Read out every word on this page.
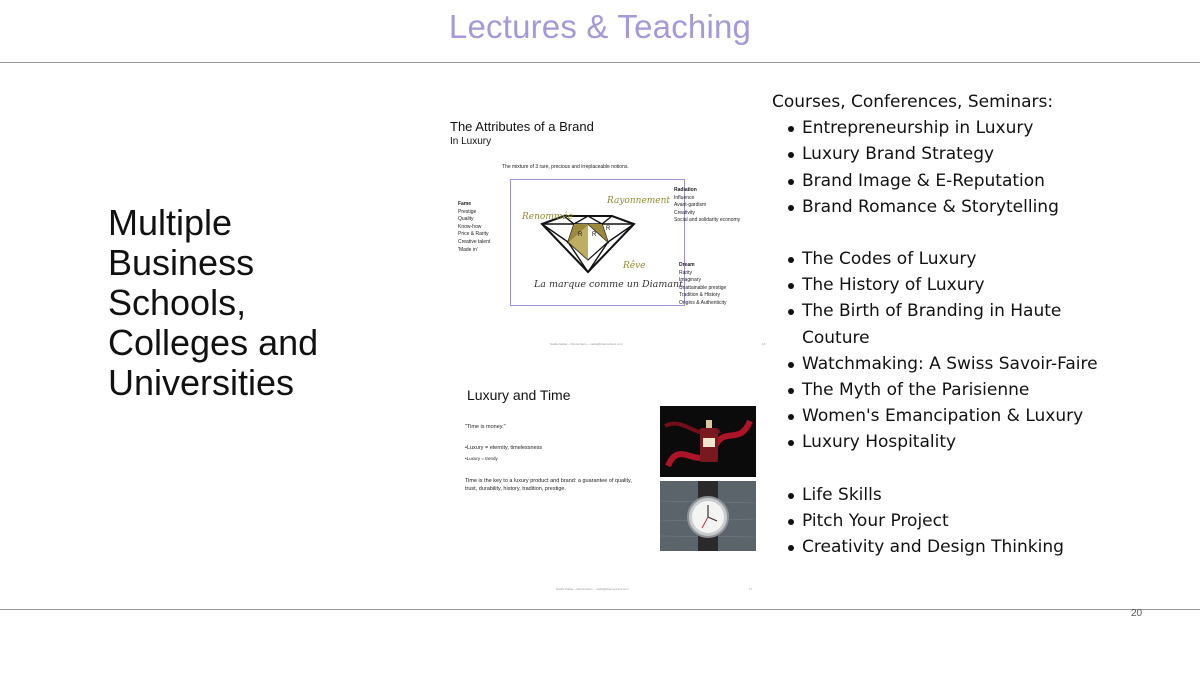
Lectures & Teaching
Multiple Business Schools, Colleges and Universities
The Attributes of a Brand
In Luxury
The mixture of 3 rare, precious and irreplaceable notions.
Fame
Prestige
Quality
Know-how
Price & Rarity
Creative talent
'Made in'
Radiation
Influence
Avant-gardism
Creativity
Social and solidarity economy
Dream
Rarity
Imaginary
Unattainable prestige
Tradition & History
Origins & Authenticity
R R
R
Renommée
Rayonnement
Rêve
La marque comme un Diamant
Nadia Gallas – Diamonbers – nadia@diamonbers.com	16
Luxury and Time
"Time is money."
•Luxury = eternity, timelessness
•Luxury = trendy
Time is the key to a luxury product and brand: a guarantee of quality,
trust, durability, history, tradition, prestige.
Nadia Gallas – Diamonbers – nadia@diamonbers.com	17

Courses, Conferences, Seminars:

Entrepreneurship in Luxury
Luxury Brand Strategy
Brand Image & E-Reputation
Brand Romance & Storytelling
The Codes of Luxury
The History of Luxury
The Birth of Branding in Haute Couture
Watchmaking: A Swiss Savoir-Faire
The Myth of the Parisienne
Women's Emancipation & Luxury
Luxury Hospitality
Life Skills
Pitch Your Project
Creativity and Design Thinking
20
